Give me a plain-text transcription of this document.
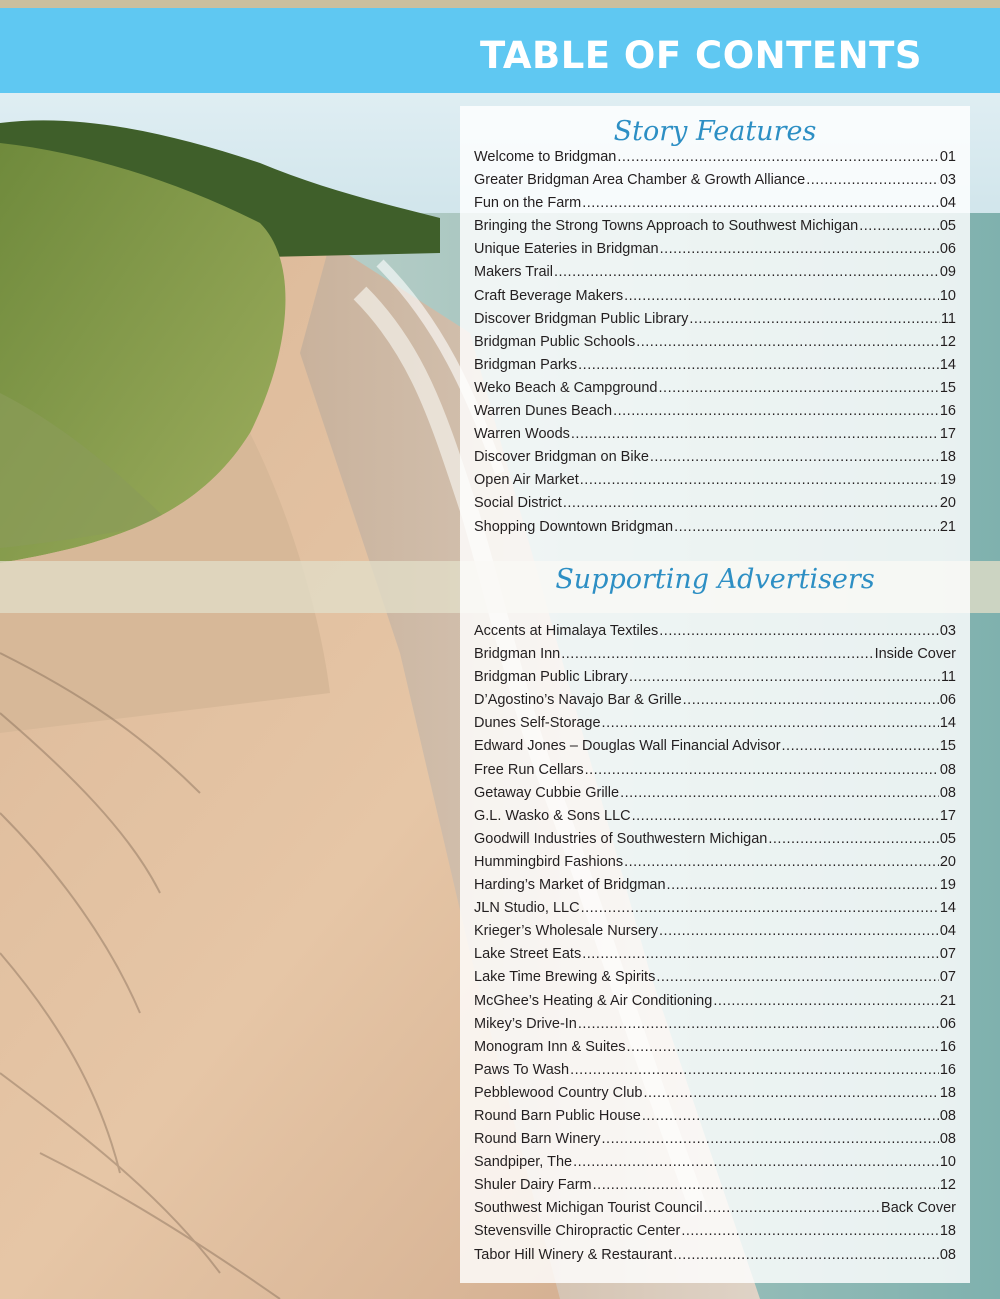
TABLE OF CONTENTS
Story Features
Welcome to Bridgman .....	01
Greater Bridgman Area Chamber & Growth Alliance .....	03
Fun on the Farm .....	04
Bringing the Strong Towns Approach to Southwest Michigan .....	05
Unique Eateries in Bridgman .....	06
Makers Trail .....	09
Craft Beverage Makers .....	10
Discover Bridgman Public Library .....	11
Bridgman Public Schools .....	12
Bridgman Parks .....	14
Weko Beach & Campground .....	15
Warren Dunes Beach .....	16
Warren Woods .....	17
Discover Bridgman on Bike .....	18
Open Air Market .....	19
Social District .....	20
Shopping Downtown Bridgman .....	21
Supporting Advertisers
Accents at Himalaya Textiles .....	03
Bridgman Inn .....	Inside Cover
Bridgman Public Library .....	11
D’Agostino’s Navajo Bar & Grille .....	06
Dunes Self-Storage .....	14
Edward Jones – Douglas Wall Financial Advisor .....	15
Free Run Cellars .....	08
Getaway Cubbie Grille .....	08
G.L. Wasko & Sons LLC .....	17
Goodwill Industries of Southwestern Michigan .....	05
Hummingbird Fashions .....	20
Harding’s Market of Bridgman .....	19
JLN Studio, LLC .....	14
Krieger’s Wholesale Nursery .....	04
Lake Street Eats .....	07
Lake Time Brewing & Spirits .....	07
McGhee’s Heating & Air Conditioning .....	21
Mikey’s Drive-In .....	06
Monogram Inn & Suites .....	16
Paws To Wash .....	16
Pebblewood Country Club .....	18
Round Barn Public House .....	08
Round Barn Winery .....	08
Sandpiper, The .....	10
Shuler Dairy Farm .....	12
Southwest Michigan Tourist Council .....	Back Cover
Stevensville Chiropractic Center .....	18
Tabor Hill Winery & Restaurant .....	08
